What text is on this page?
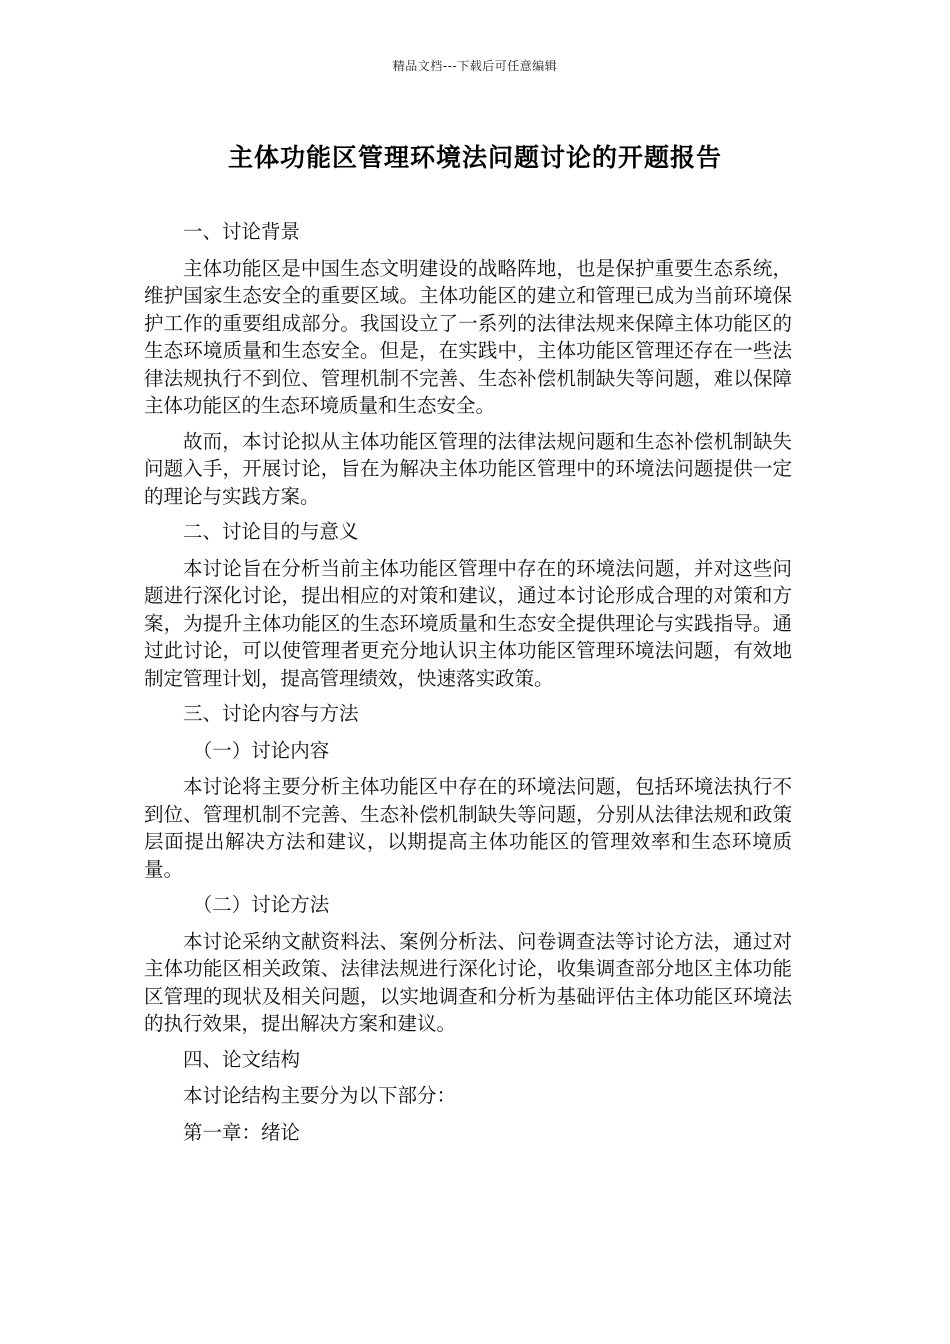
精品文档---下载后可任意编辑
主体功能区管理环境法问题讨论的开题报告

一、讨论背景

主体功能区是中国生态文明建设的战略阵地，也是保护重要生态系统，维护国家生态安全的重要区域。主体功能区的建立和管理已成为当前环境保护工作的重要组成部分。我国设立了一系列的法律法规来保障主体功能区的生态环境质量和生态安全。但是，在实践中，主体功能区管理还存在一些法律法规执行不到位、管理机制不完善、生态补偿机制缺失等问题，难以保障主体功能区的生态环境质量和生态安全。

故而，本讨论拟从主体功能区管理的法律法规问题和生态补偿机制缺失问题入手，开展讨论，旨在为解决主体功能区管理中的环境法问题提供一定的理论与实践方案。

二、讨论目的与意义

本讨论旨在分析当前主体功能区管理中存在的环境法问题，并对这些问题进行深化讨论，提出相应的对策和建议，通过本讨论形成合理的对策和方案，为提升主体功能区的生态环境质量和生态安全提供理论与实践指导。通过此讨论，可以使管理者更充分地认识主体功能区管理环境法问题，有效地制定管理计划，提高管理绩效，快速落实政策。

三、讨论内容与方法

（一）讨论内容

本讨论将主要分析主体功能区中存在的环境法问题，包括环境法执行不到位、管理机制不完善、生态补偿机制缺失等问题，分别从法律法规和政策层面提出解决方法和建议，以期提高主体功能区的管理效率和生态环境质量。

（二）讨论方法

本讨论采纳文献资料法、案例分析法、问卷调查法等讨论方法，通过对主体功能区相关政策、法律法规进行深化讨论，收集调查部分地区主体功能区管理的现状及相关问题，以实地调查和分析为基础评估主体功能区环境法的执行效果，提出解决方案和建议。

四、论文结构

本讨论结构主要分为以下部分：

第一章：绪论
